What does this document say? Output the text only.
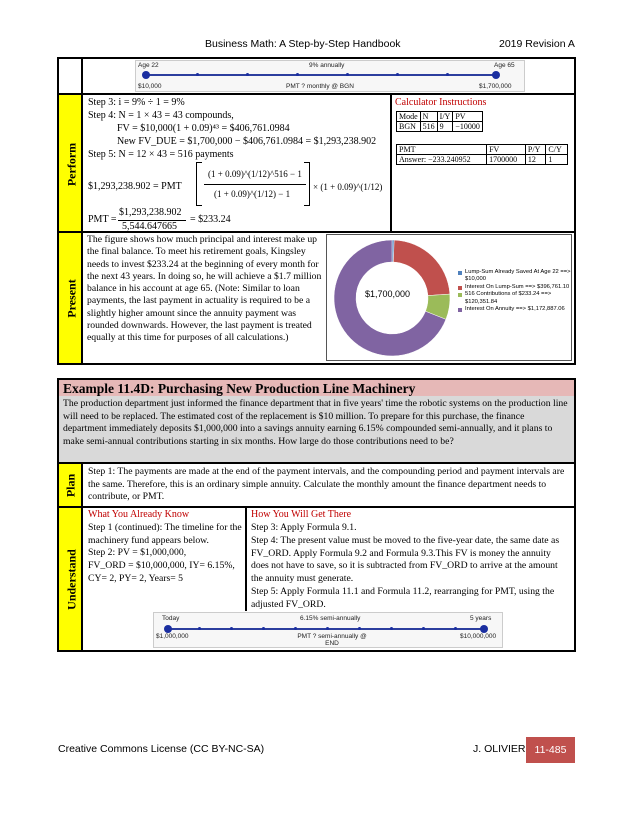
Business Math: A Step-by-Step Handbook	2019 Revision A
Age 22	9% annually	Age 65
$10,000	PMT ? monthly @ BGN	$1,700,000
Perform
Step 3: i = 9% ÷ 1 = 9%
Step 4: N = 1 × 43 = 43 compounds,
FV = $10,000(1 + 0.09)⁴³ = $406,761.0984
New FV_DUE = $1,700,000 − $406,761.0984 = $1,293,238.902
Step 5: N = 12 × 43 = 516 payments
$1,293,238.902 = PMT
(1 + 0.09)^(1/12)^516 − 1
(1 + 0.09)^(1/12) − 1
× (1 + 0.09)^(1/12)
PMT =
$1,293,238.902
5,544.647665
= $233.24
Calculator Instructions
Mode	N	I/Y	PV
BGN	516	9	−10000
PMT	FV	P/Y	C/Y
Answer: −233.240952	1700000	12	1
Present
The figure shows how much principal and interest make up the final balance. To meet his retirement goals, Kingsley needs to invest $233.24 at the beginning of every month for the next 43 years. In doing so, he will achieve a $1.7 million balance in his account at age 65. (Note: Similar to loan payments, the last payment in actuality is required to be a slightly higher amount since the annuity payment was rounded downwards. However, the last payment is treated equally at this time for purposes of all calculations.)
$1,700,000
Lump-Sum Already Saved At Age 22 ==> $10,000
Interest On Lump-Sum ==> $396,761.10
516 Contributions of $233.24 ==> $120,351.84
Interest On Annuity ==> $1,172,887.06
Example 11.4D: Purchasing New Production Line Machinery
The production department just informed the finance department that in five years' time the robotic systems on the production line will need to be replaced. The estimated cost of the replacement is $10 million. To prepare for this purchase, the finance department immediately deposits $1,000,000 into a savings annuity earning 6.15% compounded semi-annually, and it plans to make semi-annual contributions starting in six months. How large do those contributions need to be?
Plan
Step 1: The payments are made at the end of the payment intervals, and the compounding period and payment intervals are the same. Therefore, this is an ordinary simple annuity. Calculate the monthly amount the finance department needs to contribute, or PMT.
Understand
What You Already Know
Step 1 (continued): The timeline for the machinery fund appears below.
Step 2: PV = $1,000,000,
FV_ORD = $10,000,000, IY= 6.15%,
CY= 2, PY= 2, Years= 5
How You Will Get There
Step 3: Apply Formula 9.1.
Step 4: The present value must be moved to the five-year date, the same date as FV_ORD. Apply Formula 9.2 and Formula 9.3.This FV is money the annuity does not have to save, so it is subtracted from FV_ORD to arrive at the amount the annuity must generate.
Step 5: Apply Formula 11.1 and Formula 11.2, rearranging for PMT, using the adjusted FV_ORD.
Today	6.15% semi-annually	5 years
$1,000,000	PMT ? semi-annually @ END
$10,000,000
Creative Commons License (CC BY-NC-SA)	J. OLIVIER 11-485
